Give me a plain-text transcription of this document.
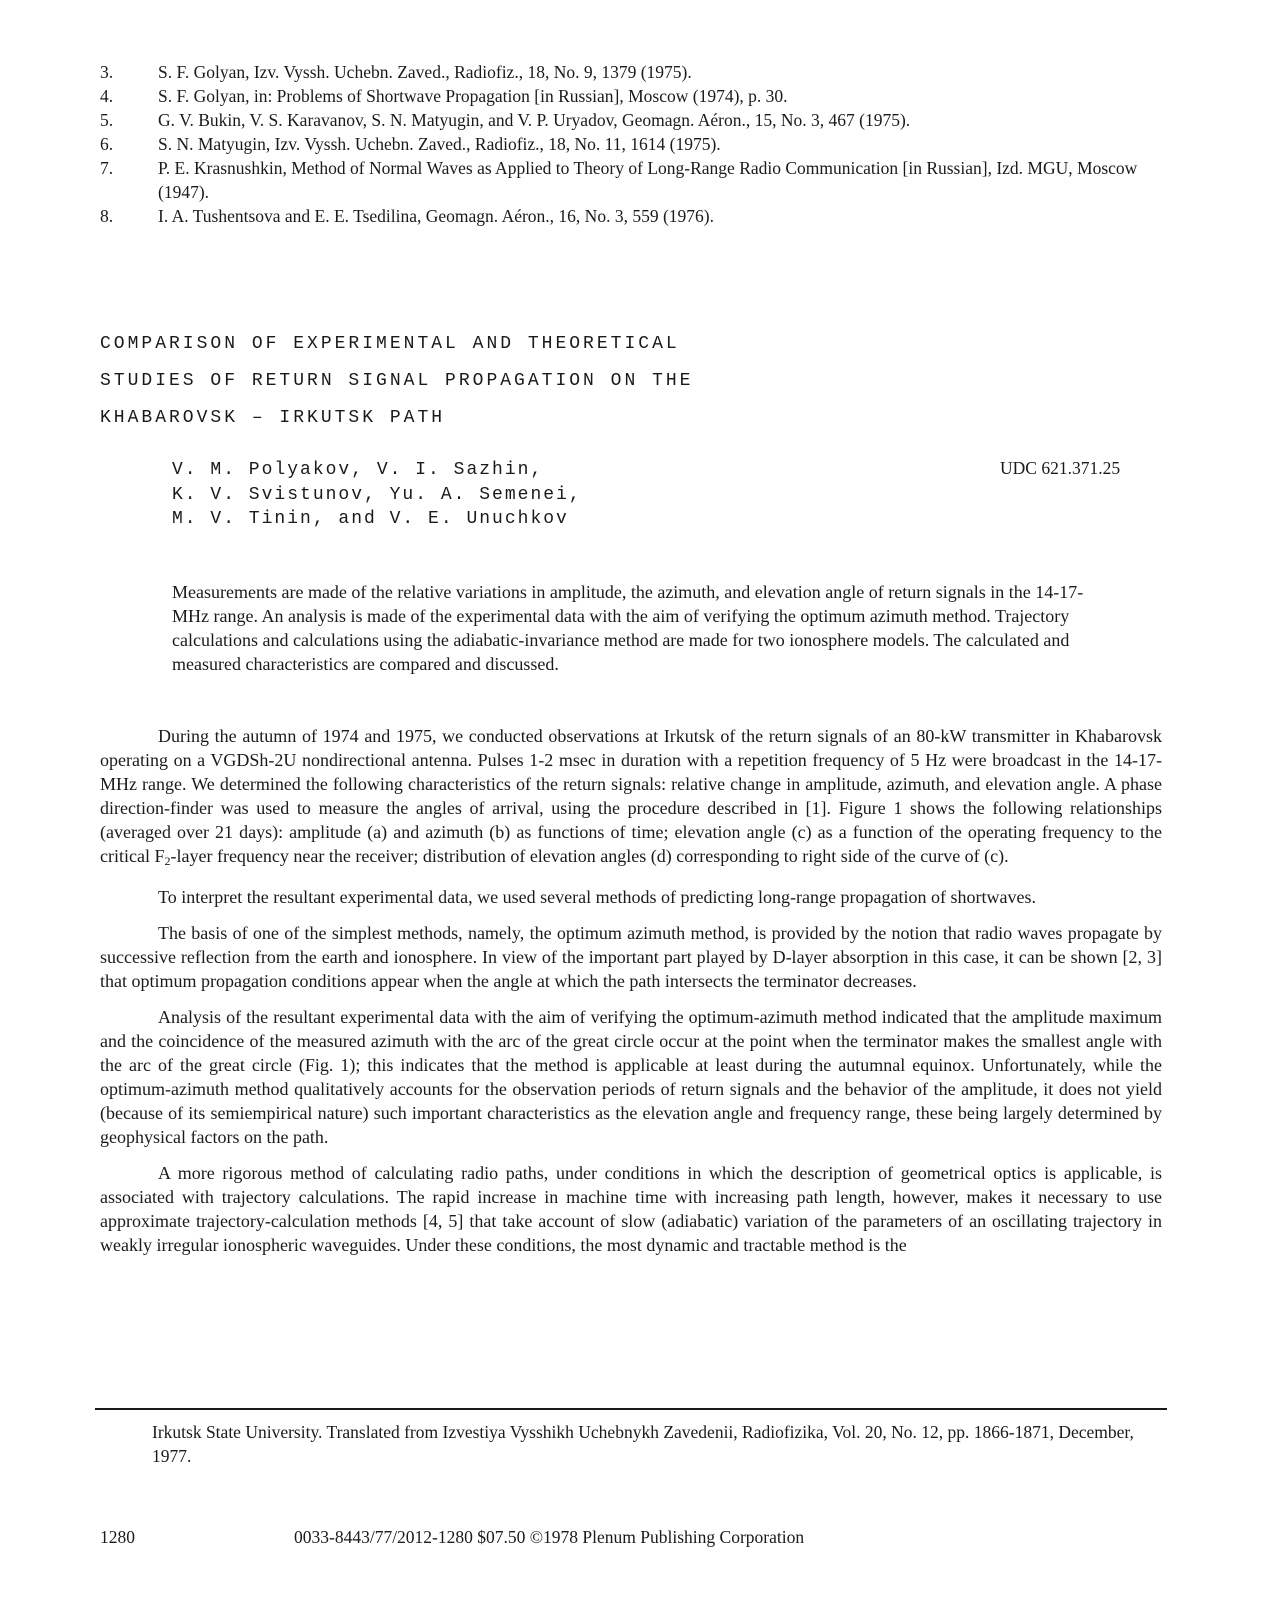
3.	S. F. Golyan, Izv. Vyssh. Uchebn. Zaved., Radiofiz., 18, No. 9, 1379 (1975).
4.	S. F. Golyan, in: Problems of Shortwave Propagation [in Russian], Moscow (1974), p. 30.
5.	G. V. Bukin, V. S. Karavanov, S. N. Matyugin, and V. P. Uryadov, Geomagn. Aéron., 15, No. 3, 467 (1975).
6.	S. N. Matyugin, Izv. Vyssh. Uchebn. Zaved., Radiofiz., 18, No. 11, 1614 (1975).
7.	P. E. Krasnushkin, Method of Normal Waves as Applied to Theory of Long-Range Radio Communication [in Russian], Izd. MGU, Moscow (1947).
8.	I. A. Tushentsova and E. E. Tsedilina, Geomagn. Aéron., 16, No. 3, 559 (1976).
COMPARISON OF EXPERIMENTAL AND THEORETICAL
STUDIES OF RETURN SIGNAL PROPAGATION ON THE
KHABAROVSK – IRKUTSK PATH
V. M. Polyakov, V. I. Sazhin,
K. V. Svistunov, Yu. A. Semenei,
M. V. Tinin, and V. E. Unuchkov
UDC 621.371.25
Measurements are made of the relative variations in amplitude, the azimuth, and elevation angle of return signals in the 14-17-MHz range. An analysis is made of the experimental data with the aim of verifying the optimum azimuth method. Trajectory calculations and calculations using the adiabatic-invariance method are made for two ionosphere models. The calculated and measured characteristics are compared and discussed.

During the autumn of 1974 and 1975, we conducted observations at Irkutsk of the return signals of an 80-kW transmitter in Khabarovsk operating on a VGDSh-2U nondirectional antenna. Pulses 1-2 msec in duration with a repetition frequency of 5 Hz were broadcast in the 14-17-MHz range. We determined the following characteristics of the return signals: relative change in amplitude, azimuth, and elevation angle. A phase direction-finder was used to measure the angles of arrival, using the procedure described in [1]. Figure 1 shows the following relationships (averaged over 21 days): amplitude (a) and azimuth (b) as functions of time; elevation angle (c) as a function of the operating frequency to the critical $F_2$-layer frequency near the receiver; distribution of elevation angles (d) corresponding to right side of the curve of (c).

To interpret the resultant experimental data, we used several methods of predicting long-range propagation of shortwaves.

The basis of one of the simplest methods, namely, the optimum azimuth method, is provided by the notion that radio waves propagate by successive reflection from the earth and ionosphere. In view of the important part played by D-layer absorption in this case, it can be shown [2, 3] that optimum propagation conditions appear when the angle at which the path intersects the terminator decreases.

Analysis of the resultant experimental data with the aim of verifying the optimum-azimuth method indicated that the amplitude maximum and the coincidence of the measured azimuth with the arc of the great circle occur at the point when the terminator makes the smallest angle with the arc of the great circle (Fig. 1); this indicates that the method is applicable at least during the autumnal equinox. Unfortunately, while the optimum-azimuth method qualitatively accounts for the observation periods of return signals and the behavior of the amplitude, it does not yield (because of its semiempirical nature) such important characteristics as the elevation angle and frequency range, these being largely determined by geophysical factors on the path.

A more rigorous method of calculating radio paths, under conditions in which the description of geometrical optics is applicable, is associated with trajectory calculations. The rapid increase in machine time with increasing path length, however, makes it necessary to use approximate trajectory-calculation methods [4, 5] that take account of slow (adiabatic) variation of the parameters of an oscillating trajectory in weakly irregular ionospheric waveguides. Under these conditions, the most dynamic and tractable method is the

Irkutsk State University. Translated from Izvestiya Vysshikh Uchebnykh Zavedenii, Radiofizika, Vol. 20, No. 12, pp. 1866-1871, December, 1977.
1280	0033-8443/77/2012-1280 $07.50 ©1978 Plenum Publishing Corporation
